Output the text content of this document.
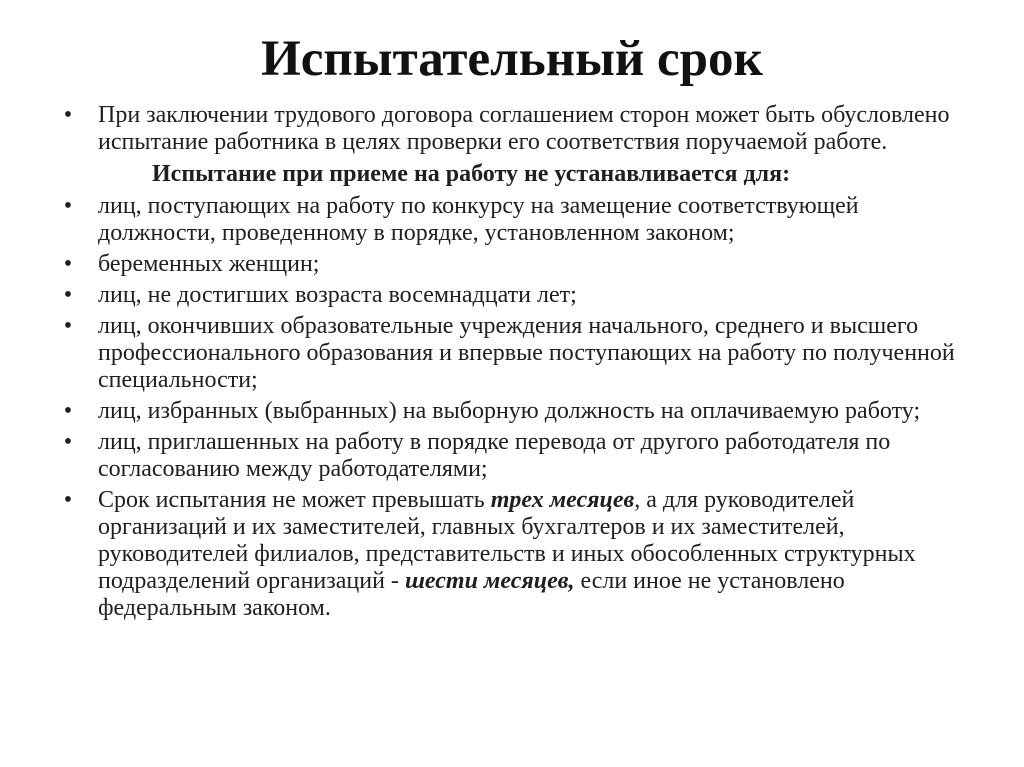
Испытательный срок
• При заключении трудового договора соглашением сторон может быть обусловлено испытание работника в целях проверки его соответствия поручаемой работе.
Испытание при приеме на работу не устанавливается для:
• лиц, поступающих на работу по конкурсу на замещение соответствующей должности, проведенному в порядке, установленном законом;
• беременных женщин;
• лиц, не достигших возраста восемнадцати лет;
• лиц, окончивших образовательные учреждения начального, среднего и высшего профессионального образования и впервые поступающих на работу по полученной специальности;
• лиц, избранных (выбранных) на выборную должность на оплачиваемую работу;
• лиц, приглашенных на работу в порядке перевода от другого работодателя по согласованию между работодателями;
• Срок испытания не может превышать трех месяцев, а для руководителей организаций и их заместителей, главных бухгалтеров и их заместителей, руководителей филиалов, представительств и иных обособленных структурных подразделений организаций - шести месяцев, если иное не установлено федеральным законом.
